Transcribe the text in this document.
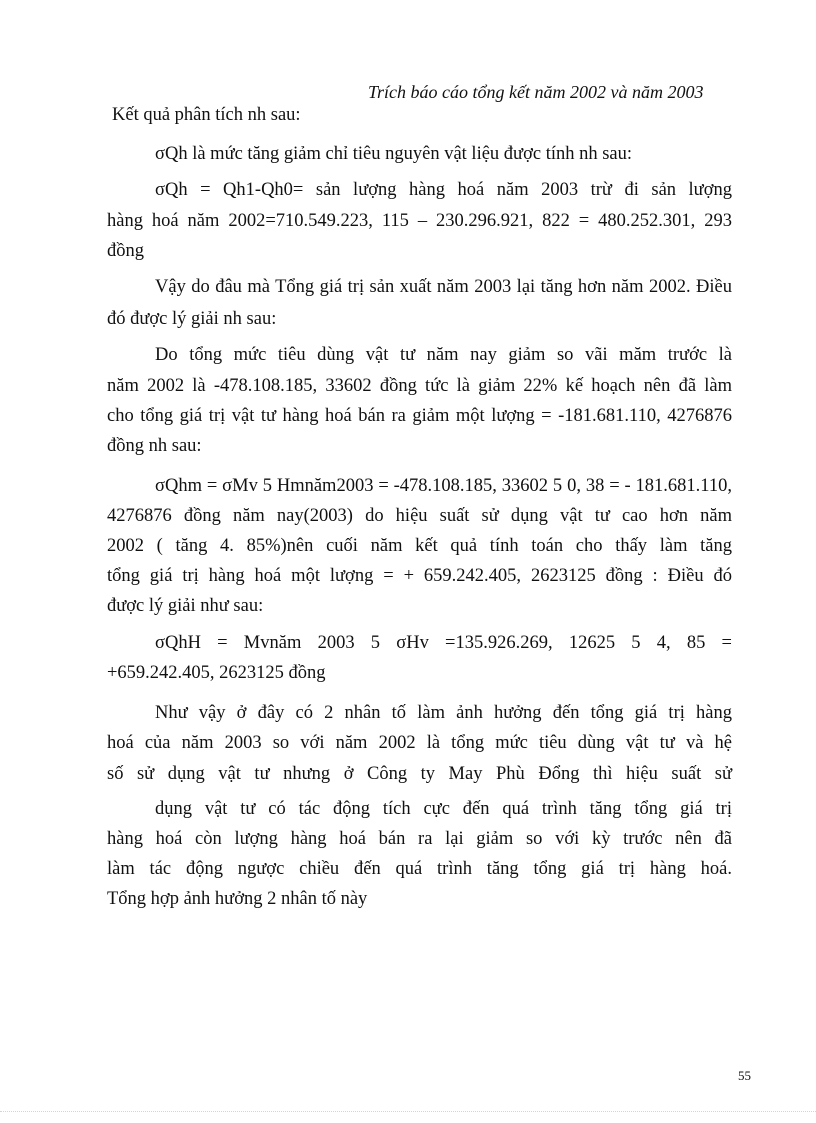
Trích báo cáo tổng kết năm 2002 và năm 2003
Kết quả phân tích nh sau:
σQh là mức tăng giảm chỉ tiêu nguyên vật liệu được tính nh sau:
σQh = Qh1-Qh0= sản lượng hàng hoá năm 2003 trừ đi sản lượng
hàng hoá năm 2002=710.549.223, 115 – 230.296.921, 822 = 480.252.301, 293
đồng
Vậy do đâu mà Tổng giá trị sản xuất năm 2003 lại tăng hơn năm 2002. Điều
đó được lý giải nh sau:
Do tổng mức tiêu dùng vật tư năm nay giảm so vãi măm trước là
năm 2002 là -478.108.185, 33602 đồng tức là giảm 22% kế hoạch nên đã làm
cho tổng giá trị vật tư hàng hoá bán ra giảm một lượng = -181.681.110, 4276876
đồng nh sau:
σQhm = σMv 5 Hmnăm2003 = -478.108.185, 33602 5 0, 38 = - 181.681.110,
4276876 đồng năm nay(2003) do hiệu suất sử dụng vật tư cao hơn năm
2002 ( tăng 4. 85%)nên cuối năm kết quả tính toán cho thấy làm tăng
tổng giá trị hàng hoá một lượng = + 659.242.405, 2623125 đồng : Điều đó
được lý giải như sau:
σQhH = Mvnăm 2003 5 σHv =135.926.269, 12625 5 4, 85 =
+659.242.405, 2623125 đồng
Như vậy ở đây có 2 nhân tố làm ảnh hưởng đến tổng giá trị hàng
hoá của năm 2003 so với năm 2002 là tổng mức tiêu dùng vật tư và hệ
số sử dụng vật tư nhưng ở Công ty May Phù Đổng thì hiệu suất sử
dụng vật tư có tác động tích cực đến quá trình tăng tổng giá trị
hàng hoá còn lượng hàng hoá bán ra lại giảm so với kỳ trước nên đã
làm tác động ngược chiều đến quá trình tăng tổng giá trị hàng hoá.
Tổng hợp ảnh hưởng 2 nhân tố này
55
